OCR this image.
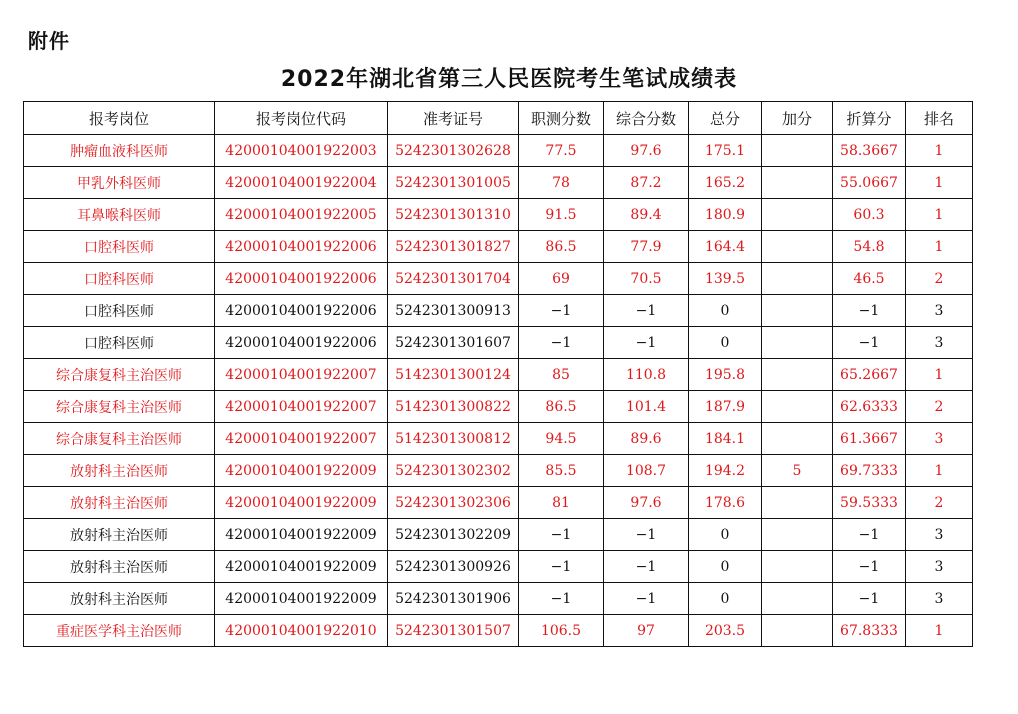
附件
2022年湖北省第三人民医院考生笔试成绩表
报考岗位	报考岗位代码	准考证号	职测分数	综合分数	总分	加分	折算分	排名
肿瘤血液科医师	42000104001922003	5242301302628	77.5	97.6	175.1		58.3667	1
甲乳外科医师	42000104001922004	5242301301005	78	87.2	165.2		55.0667	1
耳鼻喉科医师	42000104001922005	5242301301310	91.5	89.4	180.9		60.3	1
口腔科医师	42000104001922006	5242301301827	86.5	77.9	164.4		54.8	1
口腔科医师	42000104001922006	5242301301704	69	70.5	139.5		46.5	2
口腔科医师	42000104001922006	5242301300913	−1	−1	0		−1	3
口腔科医师	42000104001922006	5242301301607	−1	−1	0		−1	3
综合康复科主治医师	42000104001922007	5142301300124	85	110.8	195.8		65.2667	1
综合康复科主治医师	42000104001922007	5142301300822	86.5	101.4	187.9		62.6333	2
综合康复科主治医师	42000104001922007	5142301300812	94.5	89.6	184.1		61.3667	3
放射科主治医师	42000104001922009	5242301302302	85.5	108.7	194.2	5	69.7333	1
放射科主治医师	42000104001922009	5242301302306	81	97.6	178.6		59.5333	2
放射科主治医师	42000104001922009	5242301302209	−1	−1	0		−1	3
放射科主治医师	42000104001922009	5242301300926	−1	−1	0		−1	3
放射科主治医师	42000104001922009	5242301301906	−1	−1	0		−1	3
重症医学科主治医师	42000104001922010	5242301301507	106.5	97	203.5		67.8333	1
